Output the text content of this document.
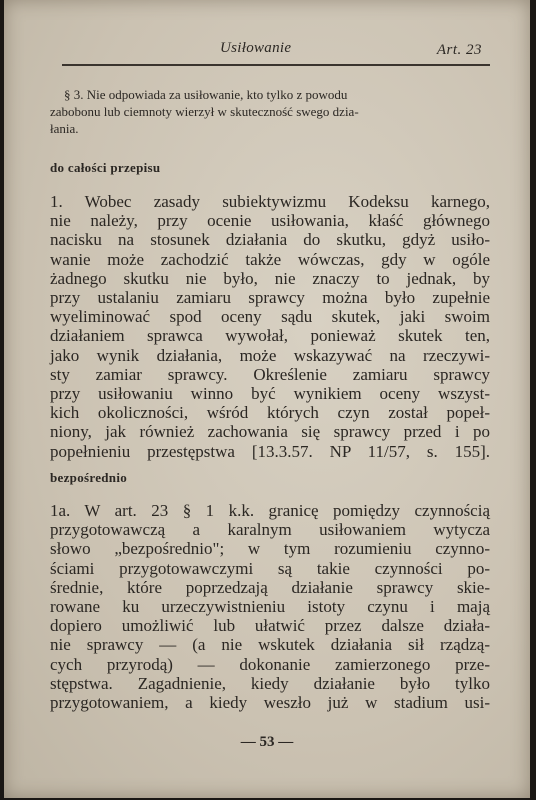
Usiłowanie	Art. 23
§ 3. Nie odpowiada za usiłowanie, kto tylko z powodu
zabobonu lub ciemnoty wierzył w skuteczność swego dzia-
łania.
do całości przepisu
1. Wobec zasady subiektywizmu Kodeksu karnego,
nie należy, przy ocenie usiłowania, kłaść głównego
nacisku na stosunek działania do skutku, gdyż usiło-
wanie może zachodzić także wówczas, gdy w ogóle
żadnego skutku nie było, nie znaczy to jednak, by
przy ustalaniu zamiaru sprawcy można było zupełnie
wyeliminować spod oceny sądu skutek, jaki swoim
działaniem sprawca wywołał, ponieważ skutek ten,
jako wynik działania, może wskazywać na rzeczywi-
sty zamiar sprawcy. Określenie zamiaru sprawcy
przy usiłowaniu winno być wynikiem oceny wszyst-
kich okoliczności, wśród których czyn został popeł-
niony, jak również zachowania się sprawcy przed i po
popełnieniu przestępstwa [13.3.57. NP 11/57, s. 155].
bezpośrednio
1a. W art. 23 § 1 k.k. granicę pomiędzy czynnością
przygotowawczą a karalnym usiłowaniem wytycza
słowo „bezpośrednio"; w tym rozumieniu czynno-
ściami przygotowawczymi są takie czynności po-
średnie, które poprzedzają działanie sprawcy skie-
rowane ku urzeczywistnieniu istoty czynu i mają
dopiero umożliwić lub ułatwić przez dalsze działa-
nie sprawcy — (a nie wskutek działania sił rządzą-
cych przyrodą) — dokonanie zamierzonego prze-
stępstwa. Zagadnienie, kiedy działanie było tylko
przygotowaniem, a kiedy weszło już w stadium usi-
— 53 —
